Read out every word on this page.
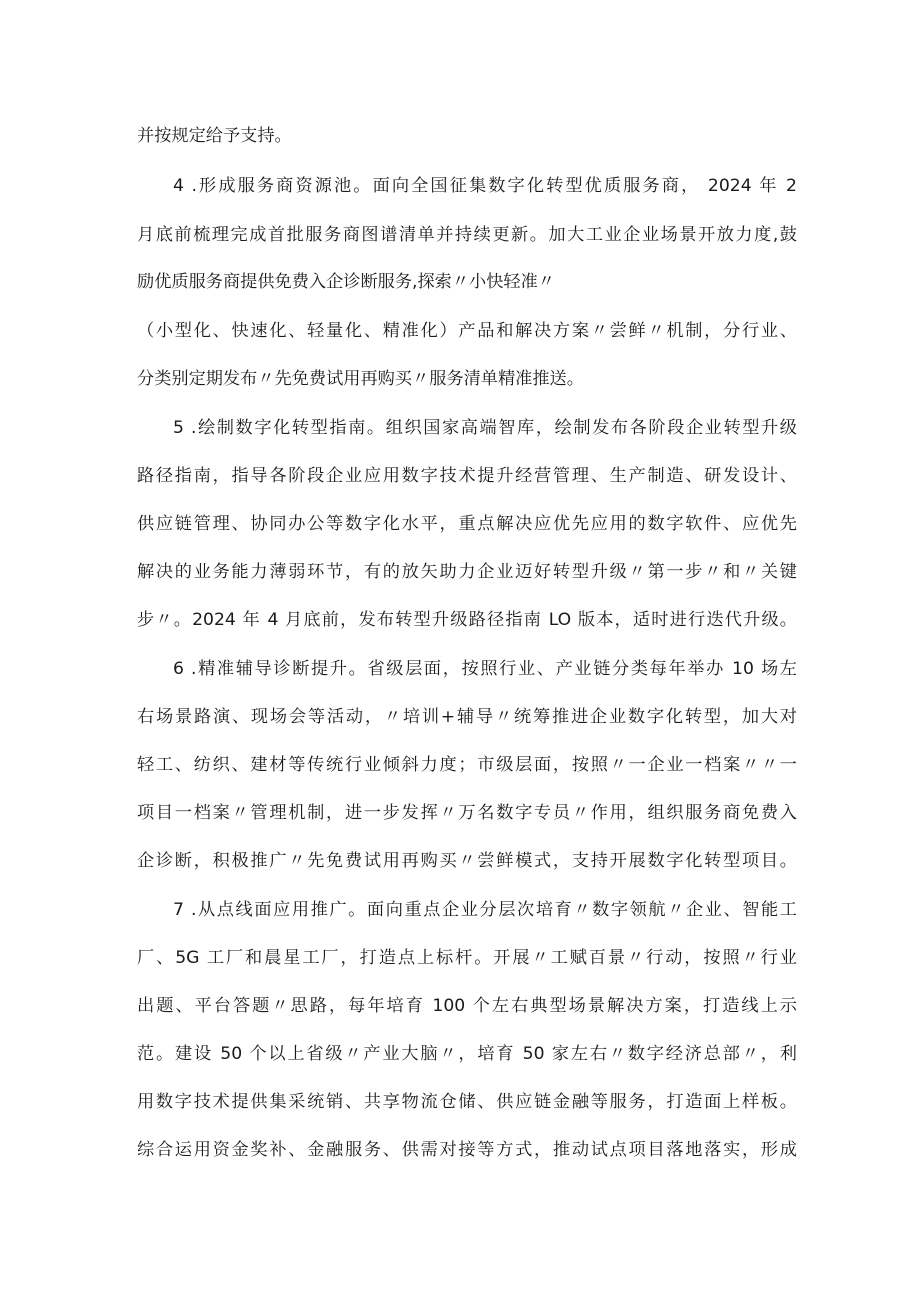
并按规定给予支持。

4 .形成服务商资源池。面向全国征集数字化转型优质服务商， 2024 年 2

月底前梳理完成首批服务商图谱清单并持续更新。加大工业企业场景开放力度,鼓

励优质服务商提供免费入企诊断服务,探索〃小快轻准〃

（小型化、快速化、轻量化、精准化）产品和解决方案〃尝鲜〃机制，分行业、

分类别定期发布〃先免费试用再购买〃服务清单精准推送。

5 .绘制数字化转型指南。组织国家高端智库，绘制发布各阶段企业转型升级

路径指南，指导各阶段企业应用数字技术提升经营管理、生产制造、研发设计、

供应链管理、协同办公等数字化水平，重点解决应优先应用的数字软件、应优先

解决的业务能力薄弱环节，有的放矢助力企业迈好转型升级〃第一步〃和〃关键

步〃。2024 年 4 月底前，发布转型升级路径指南 LO 版本，适时进行迭代升级。

6 .精准辅导诊断提升。省级层面，按照行业、产业链分类每年举办 10 场左

右场景路演、现场会等活动，〃培训+辅导〃统筹推进企业数字化转型，加大对

轻工、纺织、建材等传统行业倾斜力度；市级层面，按照〃一企业一档案〃〃一

项目一档案〃管理机制，进一步发挥〃万名数字专员〃作用，组织服务商免费入

企诊断，积极推广〃先免费试用再购买〃尝鲜模式，支持开展数字化转型项目。

7 .从点线面应用推广。面向重点企业分层次培育〃数字领航〃企业、智能工

厂、5G 工厂和晨星工厂，打造点上标杆。开展〃工赋百景〃行动，按照〃行业

出题、平台答题〃思路，每年培育 100 个左右典型场景解决方案，打造线上示

范。建设 50 个以上省级〃产业大脑〃，培育 50 家左右〃数字经济总部〃，利

用数字技术提供集采统销、共享物流仓储、供应链金融等服务，打造面上样板。

综合运用资金奖补、金融服务、供需对接等方式，推动试点项目落地落实，形成
